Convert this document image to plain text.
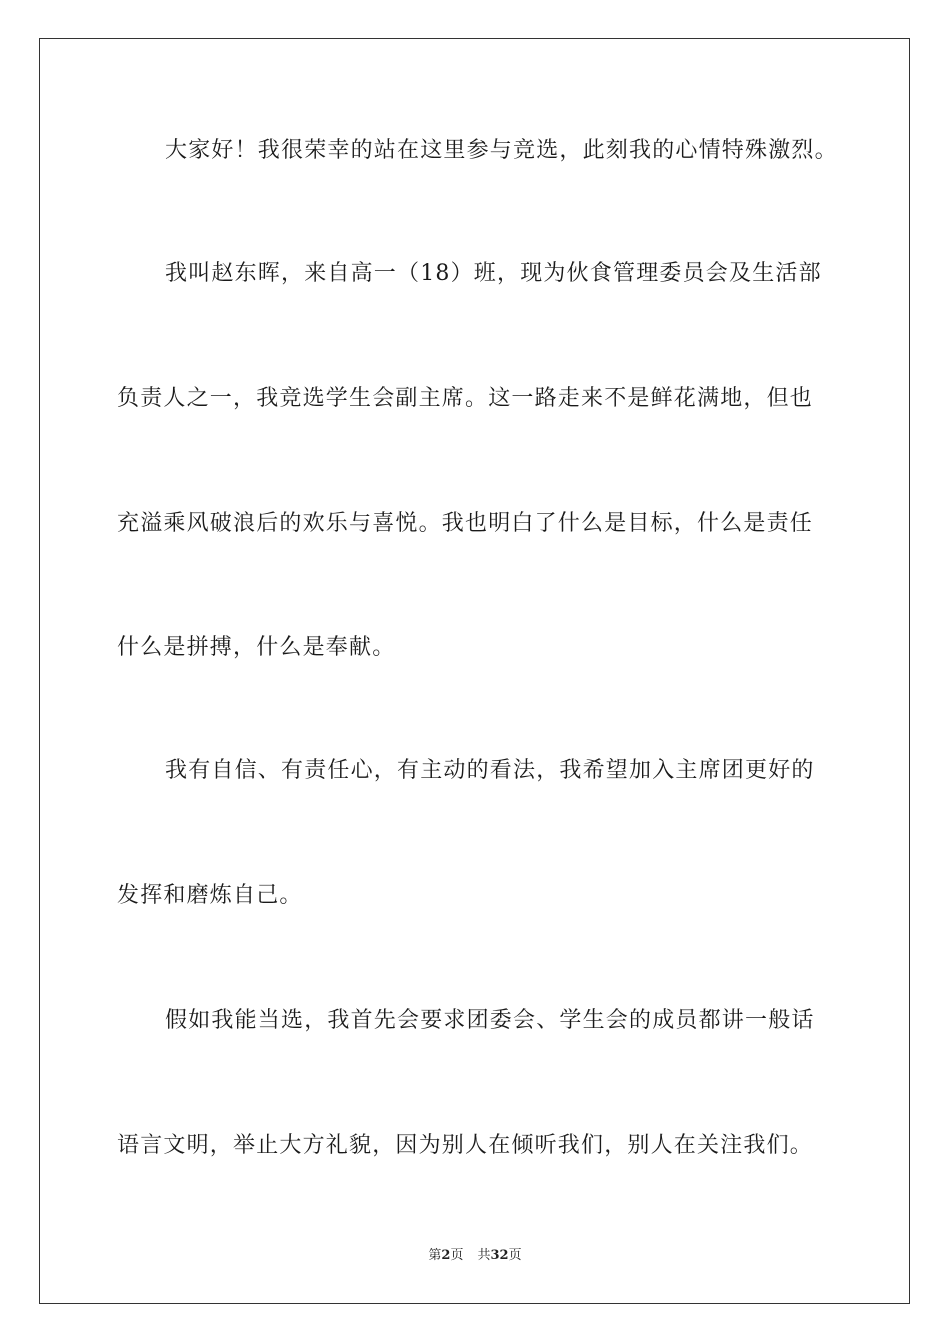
大家好！我很荣幸的站在这里参与竞选，此刻我的心情特殊激烈。
我叫赵东晖，来自高一（18）班，现为伙食管理委员会及生活部
负责人之一，我竞选学生会副主席。这一路走来不是鲜花满地，但也
充溢乘风破浪后的欢乐与喜悦。我也明白了什么是目标，什么是责任
什么是拼搏，什么是奉献。
我有自信、有责任心，有主动的看法，我希望加入主席团更好的
发挥和磨炼自己。
假如我能当选，我首先会要求团委会、学生会的成员都讲一般话
语言文明，举止大方礼貌，因为别人在倾听我们，别人在关注我们。
第2页 共32页
